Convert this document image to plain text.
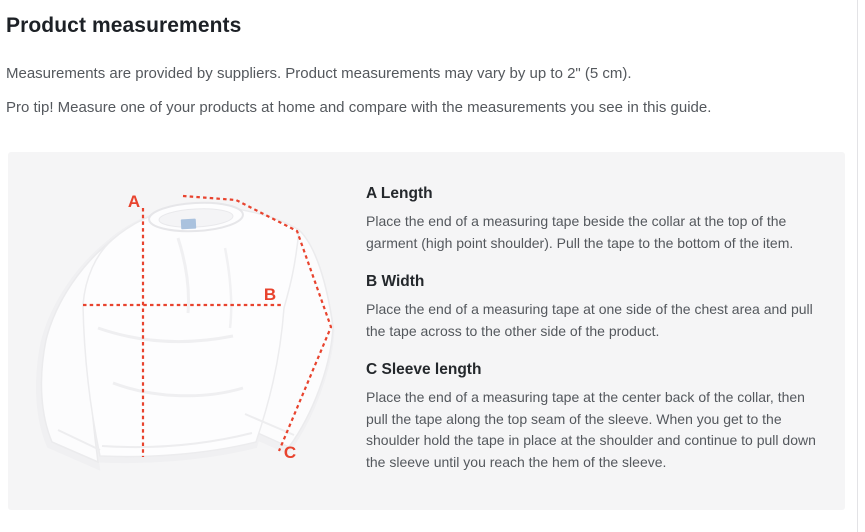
Product measurements

Measurements are provided by suppliers. Product measurements may vary by up to 2" (5 cm).

Pro tip! Measure one of your products at home and compare with the measurements you see in this guide.

A
B
C
A Length

Place the end of a measuring tape beside the collar at the top of the garment (high point shoulder). Pull the tape to the bottom of the item.

B Width

Place the end of a measuring tape at one side of the chest area and pull the tape across to the other side of the product.

C Sleeve length

Place the end of a measuring tape at the center back of the collar, then pull the tape along the top seam of the sleeve. When you get to the shoulder hold the tape in place at the shoulder and continue to pull down the sleeve until you reach the hem of the sleeve.
